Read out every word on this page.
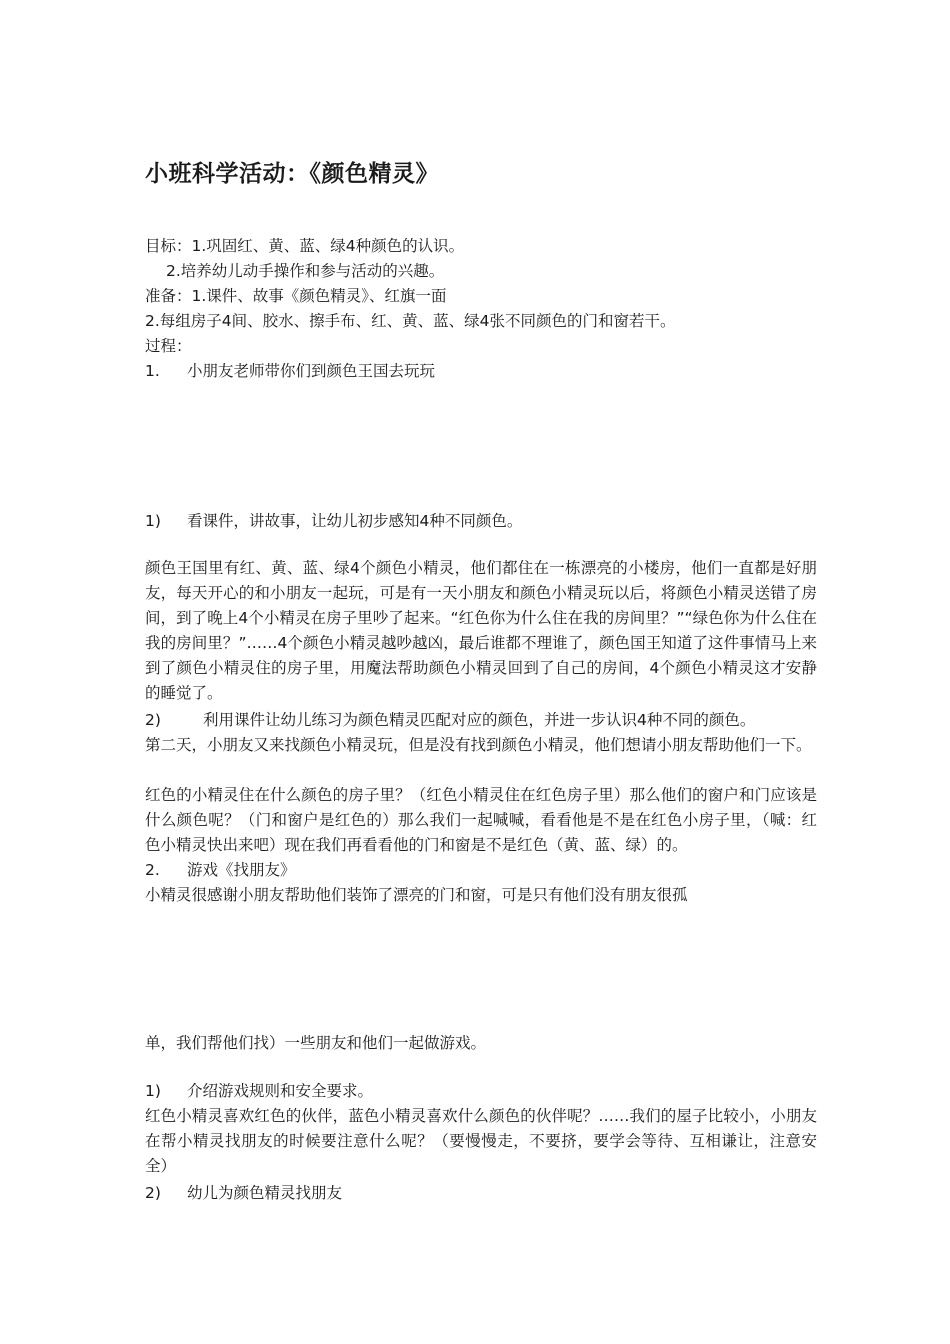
小班科学活动：《颜色精灵》
目标：1.巩固红、黄、蓝、绿4种颜色的认识。
2.培养幼儿动手操作和参与活动的兴趣。
准备：1.课件、故事《颜色精灵》、红旗一面
2.每组房子4间、胶水、擦手布、红、黄、蓝、绿4张不同颜色的门和窗若干。
过程：
1. 小朋友老师带你们到颜色王国去玩玩
1) 看课件，讲故事，让幼儿初步感知4种不同颜色。
颜色王国里有红、黄、蓝、绿4个颜色小精灵，他们都住在一栋漂亮的小楼房，他们一直都是好朋友，每天开心的和小朋友一起玩，可是有一天小朋友和颜色小精灵玩以后，将颜色小精灵送错了房间，到了晚上4个小精灵在房子里吵了起来。“红色你为什么住在我的房间里？”“绿色你为什么住在我的房间里？”……4个颜色小精灵越吵越凶，最后谁都不理谁了，颜色国王知道了这件事情马上来到了颜色小精灵住的房子里，用魔法帮助颜色小精灵回到了自己的房间，4个颜色小精灵这才安静的睡觉了。
2)	利用课件让幼儿练习为颜色精灵匹配对应的颜色，并进一步认识4种不同的颜色。
第二天，小朋友又来找颜色小精灵玩，但是没有找到颜色小精灵，他们想请小朋友帮助他们一下。
红色的小精灵住在什么颜色的房子里？（红色小精灵住在红色房子里）那么他们的窗户和门应该是什么颜色呢？（门和窗户是红色的）那么我们一起喊喊，看看他是不是在红色小房子里，（喊：红色小精灵快出来吧）现在我们再看看他的门和窗是不是红色（黄、蓝、绿）的。
2. 游戏《找朋友》
小精灵很感谢小朋友帮助他们装饰了漂亮的门和窗，可是只有他们没有朋友很孤
单，我们帮他们找）一些朋友和他们一起做游戏。
1) 介绍游戏规则和安全要求。
红色小精灵喜欢红色的伙伴，蓝色小精灵喜欢什么颜色的伙伴呢？……我们的屋子比较小，小朋友在帮小精灵找朋友的时候要注意什么呢？（要慢慢走，不要挤，要学会等待、互相谦让，注意安全）
2) 幼儿为颜色精灵找朋友
